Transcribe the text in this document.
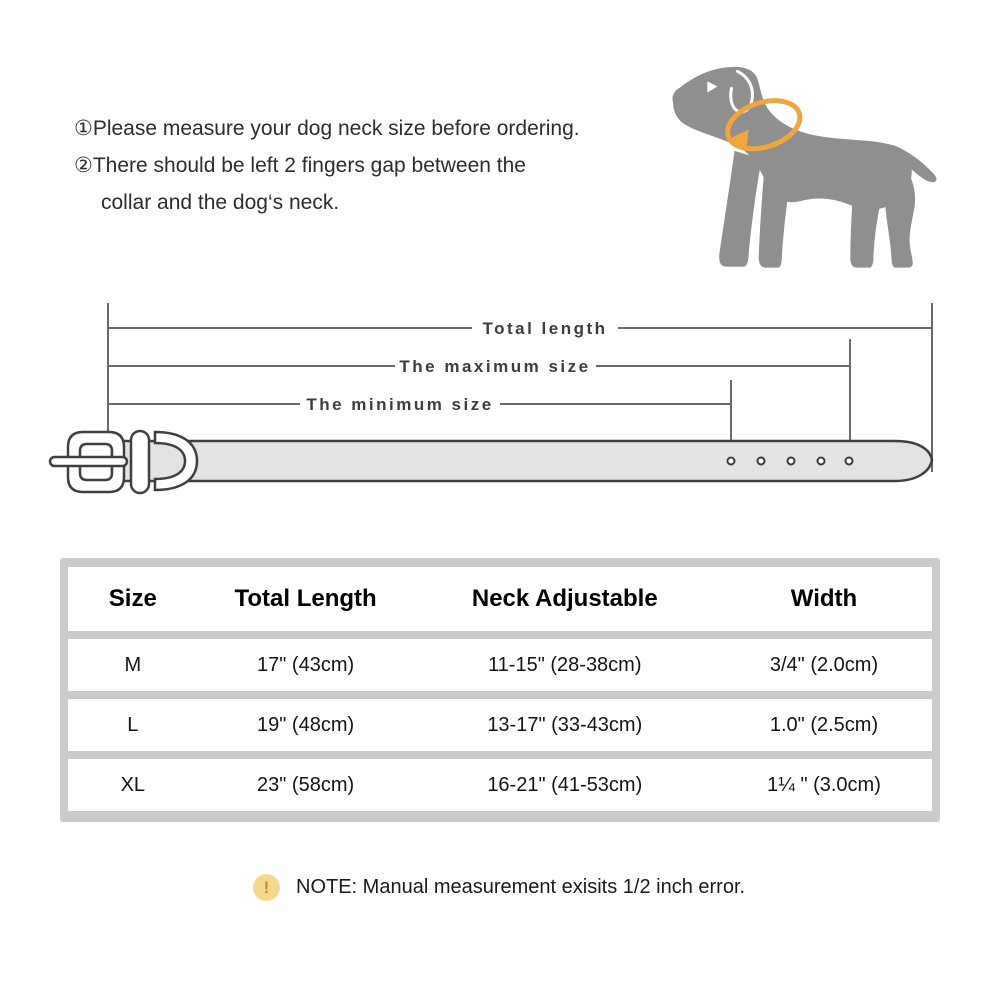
①Please measure your dog neck size before ordering.
②There should be left 2 fingers gap between the
collar and the dog‘s neck.
Total length
The maximum size
The minimum size
Size	Total Length	Neck Adjustable	Width
M	17" (43cm)	11-15" (28-38cm)	3/4" (2.0cm)
L	19" (48cm)	13-17" (33-43cm)	1.0" (2.5cm)
XL	23" (58cm)	16-21" (41-53cm)	1¼ " (3.0cm)
! NOTE: Manual measurement exisits 1/2 inch error.
